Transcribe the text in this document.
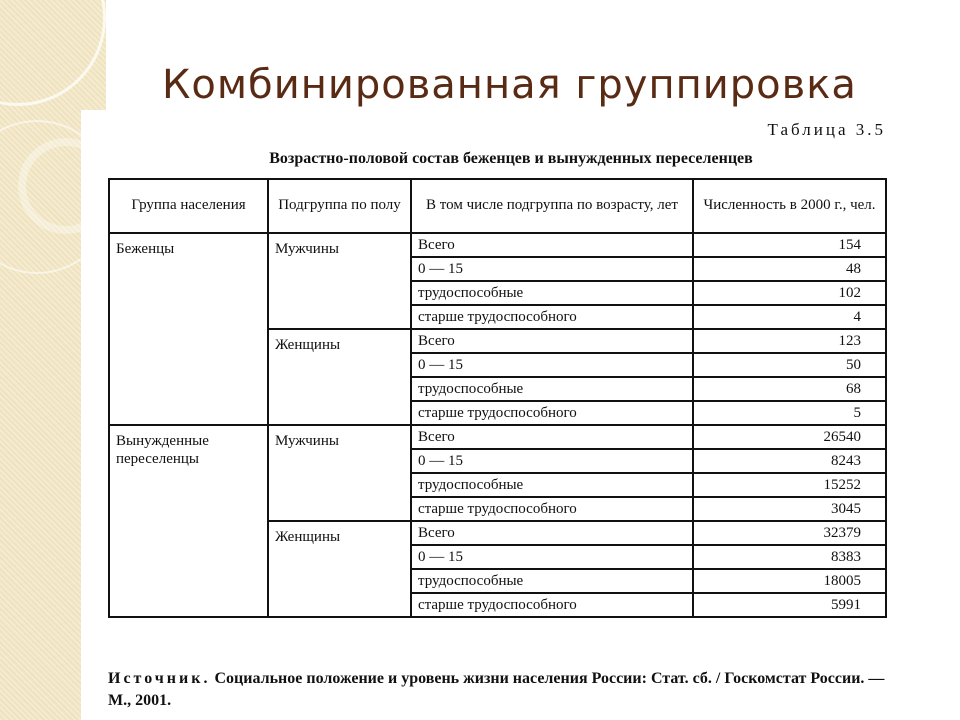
Комбинированная группировка
Таблица 3.5
Возрастно-половой состав беженцев и вынужденных переселенцев
Группа населения	Подгруппа по полу	В том числе подгруппа по возрасту, лет	Численность в 2000 г., чел.
Беженцы	Мужчины	Всего	154
		0 — 15	48
		трудоспособные	102
		старше трудоспособного	4
	Женщины	Всего	123
		0 — 15	50
		трудоспособные	68
		старше трудоспособного	5
Вынужденные переселенцы	Мужчины	Всего	26540
		0 — 15	8243
		трудоспособные	15252
		старше трудоспособного	3045
	Женщины	Всего	32379
		0 — 15	8383
		трудоспособные	18005
		старше трудоспособного	5991
Источник. Социальное положение и уровень жизни населения России: Стат. сб. / Госкомстат России. — М., 2001.
